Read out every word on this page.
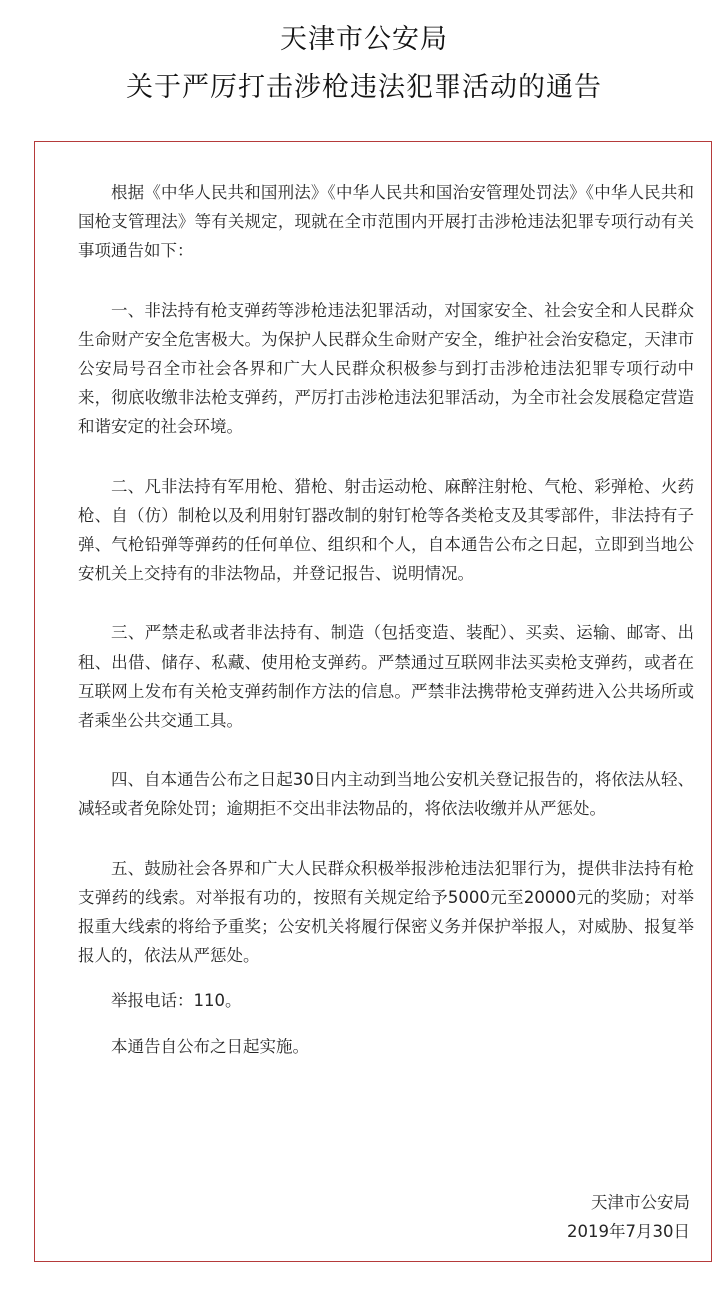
天津市公安局
关于严厉打击涉枪违法犯罪活动的通告

根据《中华人民共和国刑法》《中华人民共和国治安管理处罚法》《中华人民共和国枪支管理法》等有关规定，现就在全市范围内开展打击涉枪违法犯罪专项行动有关事项通告如下：

一、非法持有枪支弹药等涉枪违法犯罪活动，对国家安全、社会安全和人民群众生命财产安全危害极大。为保护人民群众生命财产安全，维护社会治安稳定，天津市公安局号召全市社会各界和广大人民群众积极参与到打击涉枪违法犯罪专项行动中来，彻底收缴非法枪支弹药，严厉打击涉枪违法犯罪活动，为全市社会发展稳定营造和谐安定的社会环境。

二、凡非法持有军用枪、猎枪、射击运动枪、麻醉注射枪、气枪、彩弹枪、火药枪、自（仿）制枪以及利用射钉器改制的射钉枪等各类枪支及其零部件，非法持有子弹、气枪铅弹等弹药的任何单位、组织和个人，自本通告公布之日起，立即到当地公安机关上交持有的非法物品，并登记报告、说明情况。

三、严禁走私或者非法持有、制造（包括变造、装配）、买卖、运输、邮寄、出租、出借、储存、私藏、使用枪支弹药。严禁通过互联网非法买卖枪支弹药，或者在互联网上发布有关枪支弹药制作方法的信息。严禁非法携带枪支弹药进入公共场所或者乘坐公共交通工具。

四、自本通告公布之日起30日内主动到当地公安机关登记报告的，将依法从轻、减轻或者免除处罚；逾期拒不交出非法物品的，将依法收缴并从严惩处。

五、鼓励社会各界和广大人民群众积极举报涉枪违法犯罪行为，提供非法持有枪支弹药的线索。对举报有功的，按照有关规定给予5000元至20000元的奖励；对举报重大线索的将给予重奖；公安机关将履行保密义务并保护举报人，对威胁、报复举报人的，依法从严惩处。

举报电话：110。

本通告自公布之日起实施。

天津市公安局
2019年7月30日
